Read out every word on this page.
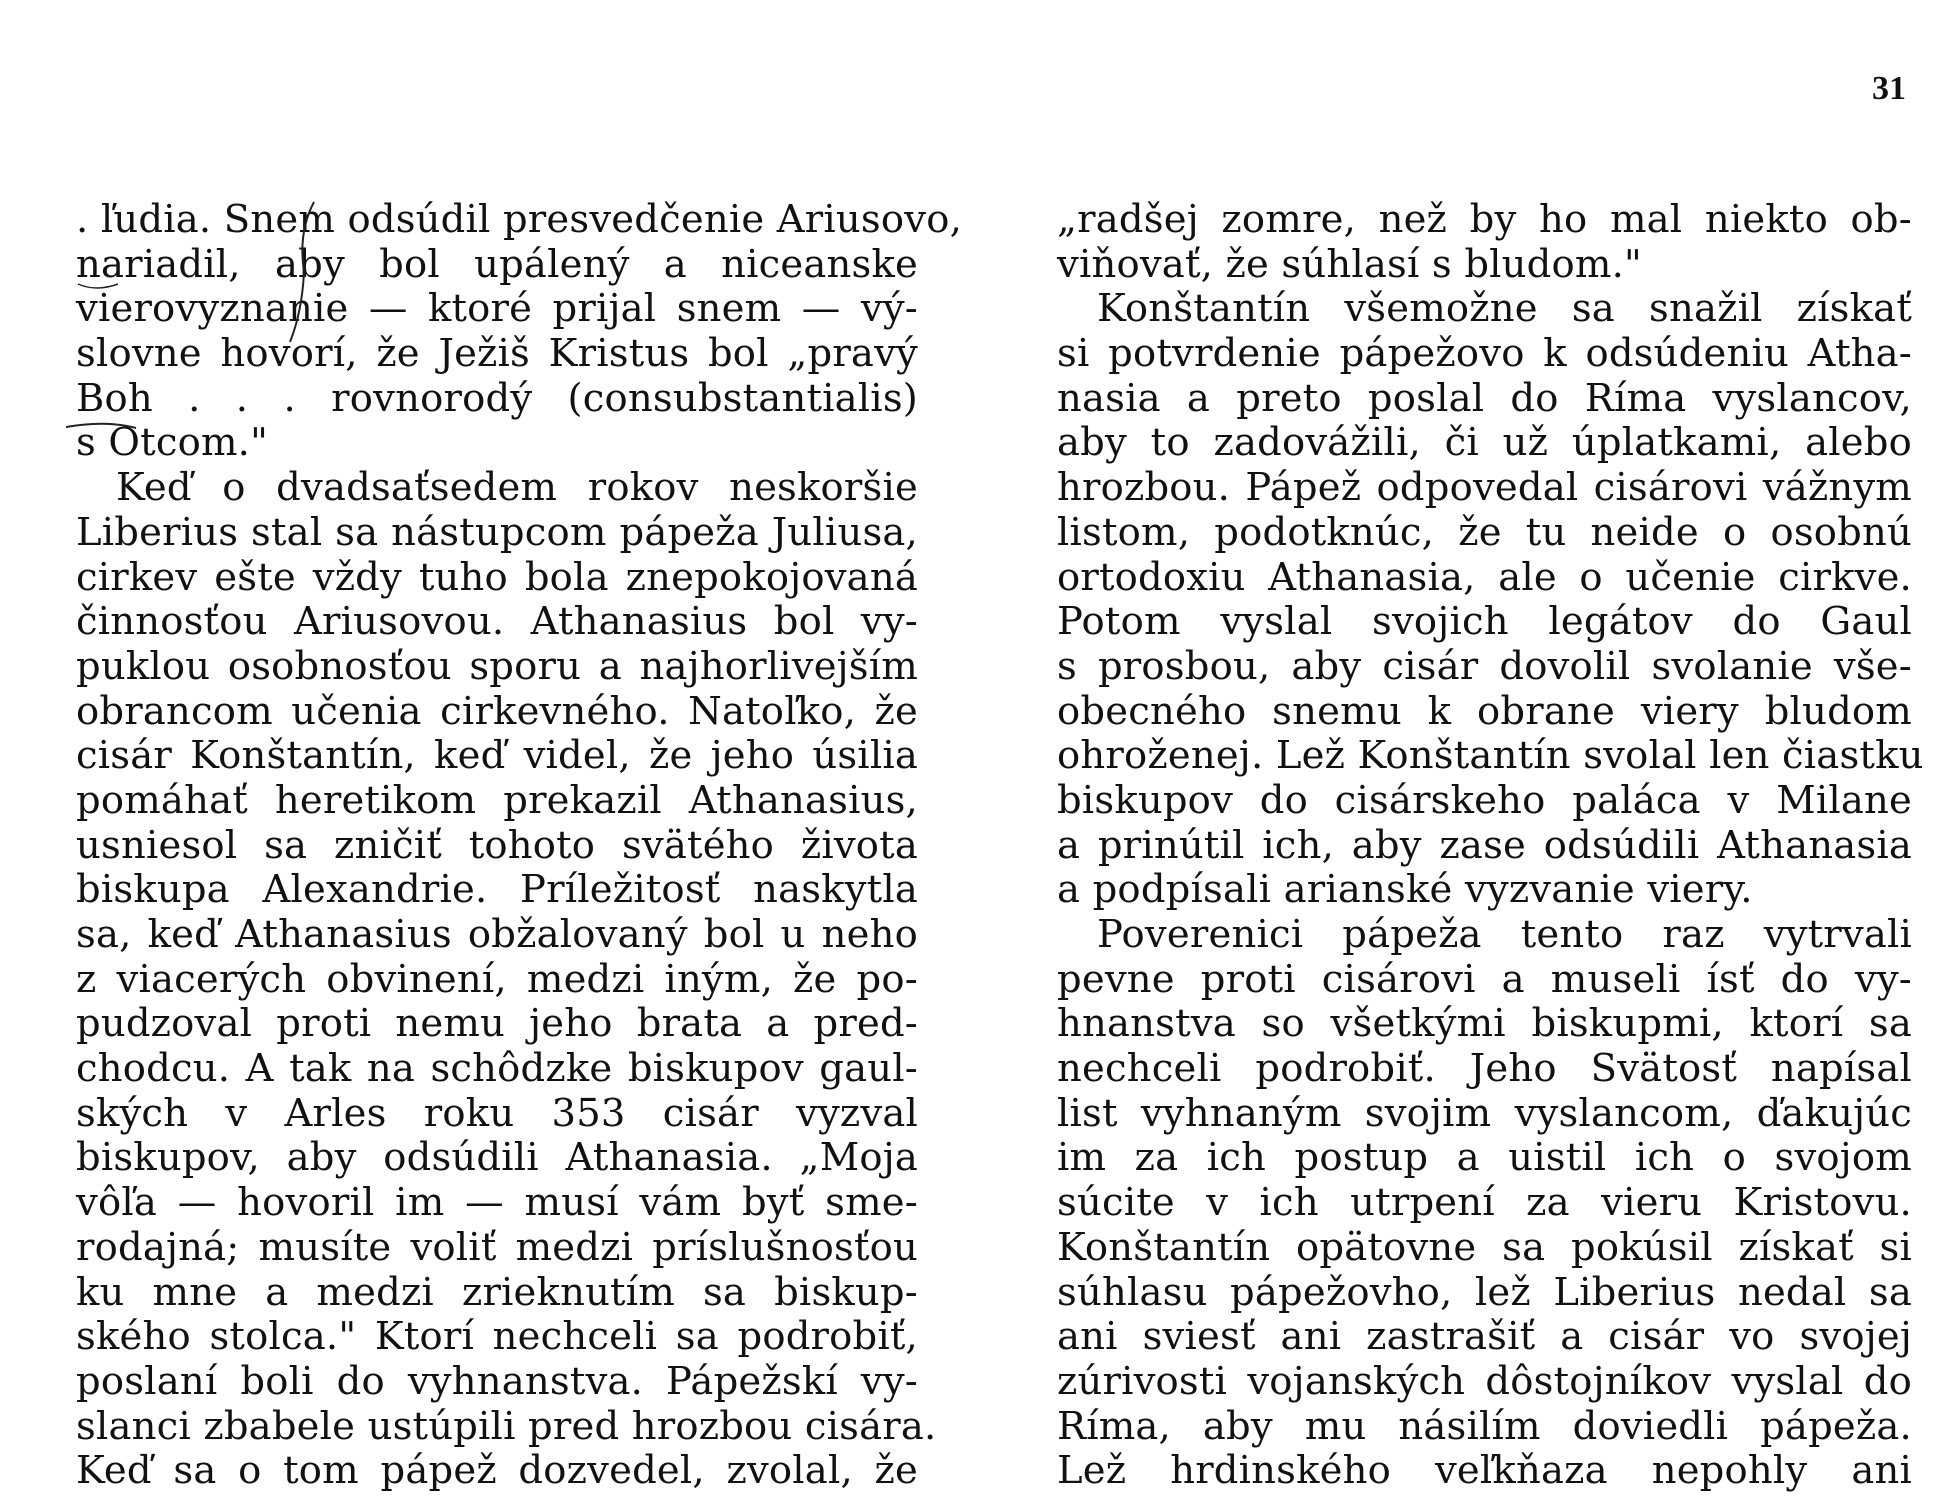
31
. ľudia. Snem odsúdil presvedčenie Ariusovo,
nariadil, aby bol upálený a niceanske
vierovyznanie — ktoré prijal snem — vý-
slovne hovorí, že Ježiš Kristus bol „pravý
Boh . . . rovnorodý (consubstantialis)
s Otcom."
Keď o dvadsaťsedem rokov neskoršie
Liberius stal sa nástupcom pápeža Juliusa,
cirkev ešte vždy tuho bola znepokojovaná
činnosťou Ariusovou. Athanasius bol vy-
puklou osobnosťou sporu a najhorlivejším
obrancom učenia cirkevného. Natoľko, že
cisár Konštantín, keď videl, že jeho úsilia
pomáhať heretikom prekazil Athanasius,
usniesol sa zničiť tohoto svätého života
biskupa Alexandrie. Príležitosť naskytla
sa, keď Athanasius obžalovaný bol u neho
z viacerých obvinení, medzi iným, že po-
pudzoval proti nemu jeho brata a pred-
chodcu. A tak na schôdzke biskupov gaul-
ských v Arles roku 353 cisár vyzval
biskupov, aby odsúdili Athanasia. „Moja
vôľa — hovoril im — musí vám byť sme-
rodajná; musíte voliť medzi príslušnosťou
ku mne a medzi zrieknutím sa biskup-
ského stolca." Ktorí nechceli sa podrobiť,
poslaní boli do vyhnanstva. Pápežskí vy-
slanci zbabele ustúpili pred hrozbou cisára.
Keď sa o tom pápež dozvedel, zvolal, že
„radšej zomre, než by ho mal niekto ob-
viňovať, že súhlasí s bludom."
Konštantín všemožne sa snažil získať
si potvrdenie pápežovo k odsúdeniu Atha-
nasia a preto poslal do Ríma vyslancov,
aby to zadovážili, či už úplatkami, alebo
hrozbou. Pápež odpovedal cisárovi vážnym
listom, podotknúc, že tu neide o osobnú
ortodoxiu Athanasia, ale o učenie cirkve.
Potom vyslal svojich legátov do Gaul
s prosbou, aby cisár dovolil svolanie vše-
obecného snemu k obrane viery bludom
ohroženej. Lež Konštantín svolal len čiastku
biskupov do cisárskeho paláca v Milane
a prinútil ich, aby zase odsúdili Athanasia
a podpísali arianské vyzvanie viery.
Poverenici pápeža tento raz vytrvali
pevne proti cisárovi a museli ísť do vy-
hnanstva so všetkými biskupmi, ktorí sa
nechceli podrobiť. Jeho Svätosť napísal
list vyhnaným svojim vyslancom, ďakujúc
im za ich postup a uistil ich o svojom
súcite v ich utrpení za vieru Kristovu.
Konštantín opätovne sa pokúsil získať si
súhlasu pápežovho, lež Liberius nedal sa
ani sviesť ani zastrašiť a cisár vo svojej
zúrivosti vojanských dôstojníkov vyslal do
Ríma, aby mu násilím doviedli pápeža.
Lež hrdinského veľkňaza nepohly ani
